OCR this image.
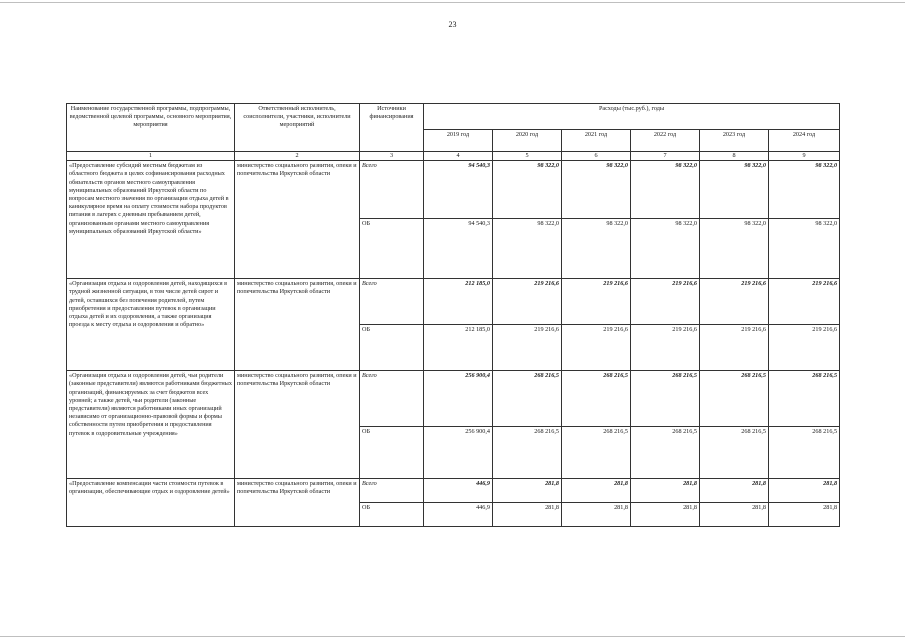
23
Наименование государственной программы, подпрограммы, ведомственной целевой программы, основного мероприятия, мероприятия	Ответственный исполнитель, соисполнители, участники, исполнители мероприятий	Источники финансирования	Расходы (тыс.руб.), годы					
			2019 год	2020 год	2021 год	2022 год	2023 год	2024 год
1	2	3	4	5	6	7	8	9
«Предоставление субсидий местным бюджетам из областного бюджета в целях софинансирования расходных обязательств органов местного самоуправления муниципальных образований Иркутской области по вопросам местного значения по организации отдыха детей в каникулярное время на оплату стоимости набора продуктов питания в лагерях с дневным пребыванием детей, организованным органами местного самоуправления муниципальных образований Иркутской области»	министерство социального развития, опеки и попечительства Иркутской области	Всего	94 540,3	98 322,0	98 322,0	98 322,0	98 322,0	98 322,0
		ОБ	94 540,3	98 322,0	98 322,0	98 322,0	98 322,0	98 322,0
«Организация отдыха и оздоровления детей, находящихся в трудной жизненной ситуации, в том числе детей сирот и детей, оставшихся без попечения родителей, путем приобретения и предоставления путевок в организации отдыха детей и их оздоровления, а также организация проезда к месту отдыха и оздоровления и обратно»	министерство социального развития, опеки и попечительства Иркутской области	Всего	212 185,0	219 216,6	219 216,6	219 216,6	219 216,6	219 216,6
		ОБ	212 185,0	219 216,6	219 216,6	219 216,6	219 216,6	219 216,6
«Организация отдыха и оздоровления детей, чьи родители (законные представители) являются работниками бюджетных организаций, финансируемых за счет бюджетов всех уровней; а также детей, чьи родители (законные представители) являются работниками иных организаций независимо от организационно-правовой формы и формы собственности путем приобретения и предоставления путевок в оздоровительные учреждения»	министерство социального развития, опеки и попечительства Иркутской области	Всего	256 900,4	268 216,5	268 216,5	268 216,5	268 216,5	268 216,5
		ОБ	256 900,4	268 216,5	268 216,5	268 216,5	268 216,5	268 216,5
«Предоставление компенсации части стоимости путевок в организации, обеспечивающие отдых и оздоровление детей»	министерство социального развития, опеки и попечительства Иркутской области	Всего	446,9	281,8	281,8	281,8	281,8	281,8
		ОБ	446,9	281,8	281,8	281,8	281,8	281,8
